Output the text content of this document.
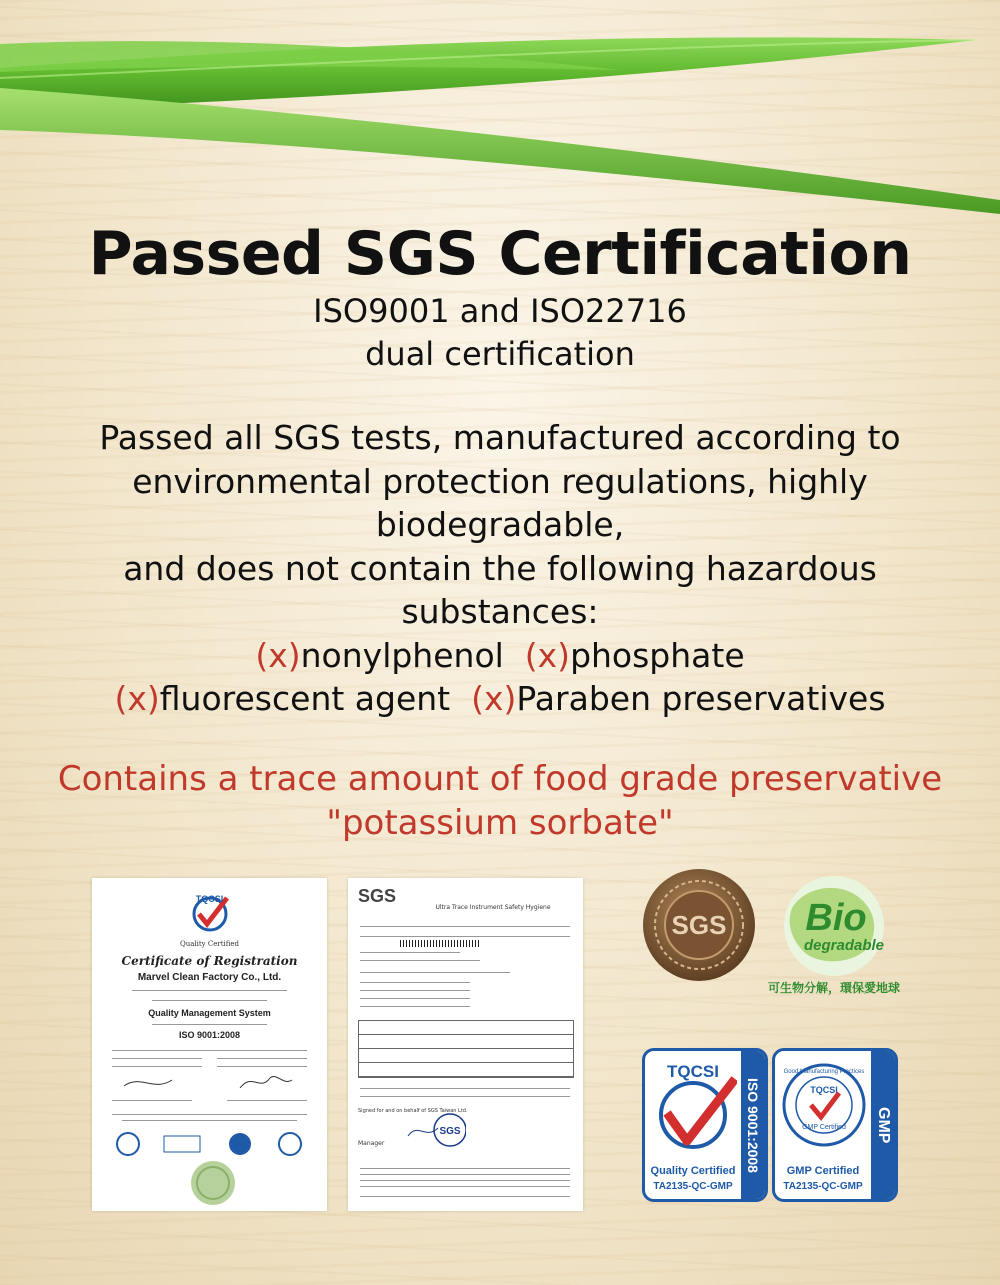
Passed SGS Certification

ISO9001 and ISO22716

dual certification

Passed all SGS tests, manufactured according to
environmental protection regulations, highly
biodegradable,
and does not contain the following hazardous
substances:
(x)nonylphenol (x)phosphate
(x)fluorescent agent (x)Paraben preservatives
Contains a trace amount of food grade preservative
"potassium sorbate"
TQCSI
Quality Certified
Certificate of Registration
Marvel Clean Factory Co., Ltd.
Quality Management System
ISO 9001:2008
SGS
Ultra Trace Instrument Safety Hygiene
Signed for and on behalf of SGS Taiwan Ltd.
SGS
Manager
SGS Bio
degradable
可生物分解，環保愛地球
TQCSI
Quality Certified
TA2135-QC-GMP
ISO 9001:2008
Good Manufacturing Practices
TQCSI
GMP Certified
GMP Certified
TA2135-QC-GMP
GMP
